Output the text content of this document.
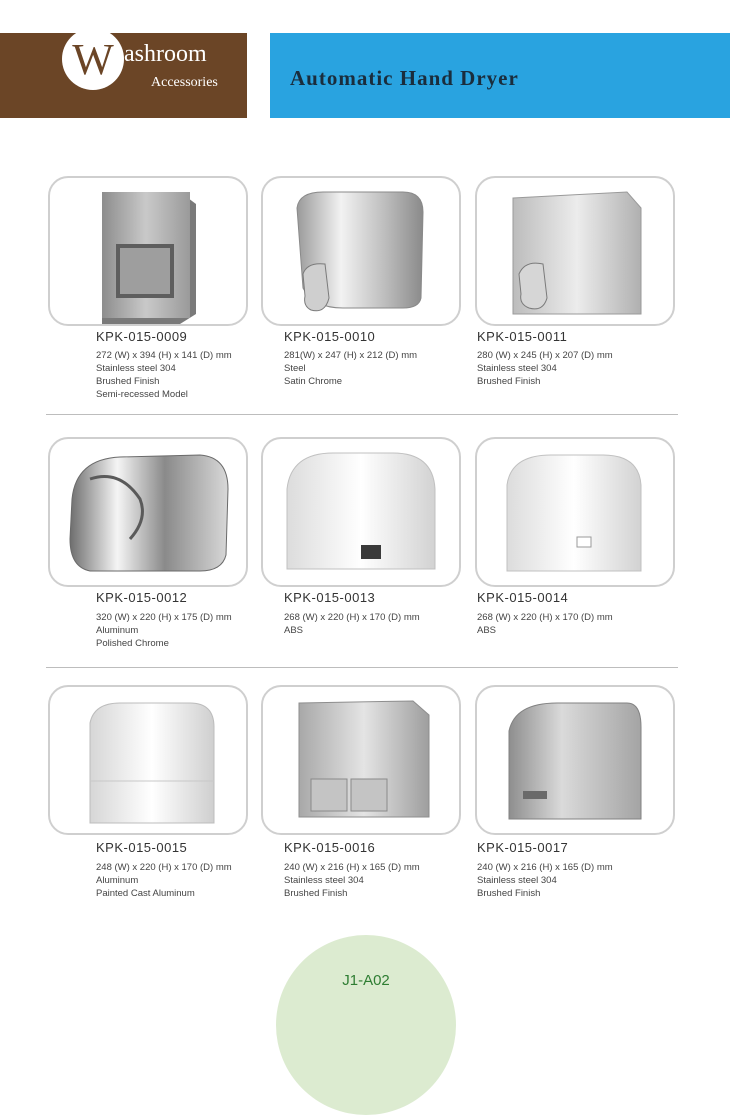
W ashroom
Accessories	Automatic Hand Dryer
KPK-015-0009
272 (W) x 394 (H) x 141 (D) mm
Stainless steel 304
Brushed Finish
Semi-recessed Model
KPK-015-0010
281(W) x 247 (H) x 212 (D) mm
Steel
Satin Chrome
KPK-015-0011
280 (W) x 245 (H) x 207 (D) mm
Stainless steel 304
Brushed Finish
KPK-015-0012
320 (W) x 220 (H) x 175 (D) mm
Aluminum
Polished Chrome
KPK-015-0013
268 (W) x 220 (H) x 170 (D) mm
ABS
KPK-015-0014
268 (W) x 220 (H) x 170 (D) mm
ABS
KPK-015-0015
248 (W) x 220 (H) x 170 (D) mm
Aluminum
Painted Cast Aluminum
KPK-015-0016
240 (W) x 216 (H) x 165 (D) mm
Stainless steel 304
Brushed Finish
KPK-015-0017
240 (W) x 216 (H) x 165 (D) mm
Stainless steel 304
Brushed Finish
J1-A02
